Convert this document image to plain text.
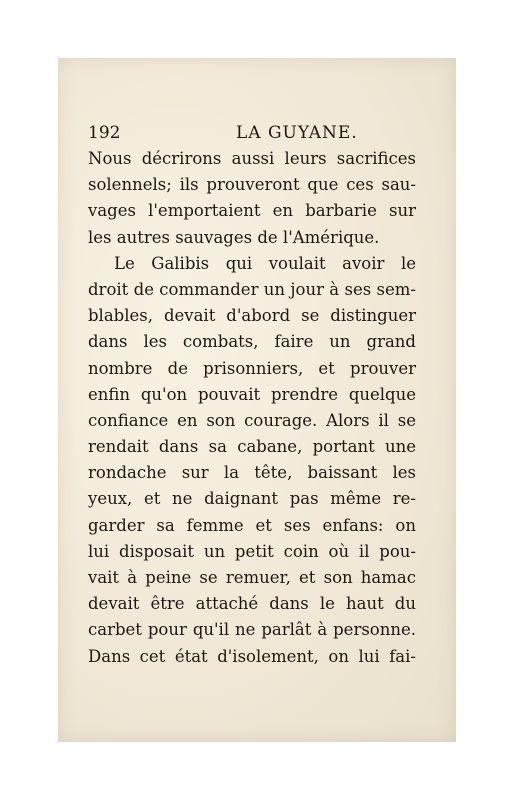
192	LA GUYANE.
Nous décrirons aussi leurs sacrifices
solennels; ils prouveront que ces sau-
vages l'emportaient en barbarie sur
les autres sauvages de l'Amérique.
Le Galibis qui voulait avoir le
droit de commander un jour à ses sem-
blables, devait d'abord se distinguer
dans les combats, faire un grand
nombre de prisonniers, et prouver
enfin qu'on pouvait prendre quelque
confiance en son courage. Alors il se
rendait dans sa cabane, portant une
rondache sur la tête, baissant les
yeux, et ne daignant pas même re-
garder sa femme et ses enfans: on
lui disposait un petit coin où il pou-
vait à peine se remuer, et son hamac
devait être attaché dans le haut du
carbet pour qu'il ne parlât à personne.
Dans cet état d'isolement, on lui fai-
